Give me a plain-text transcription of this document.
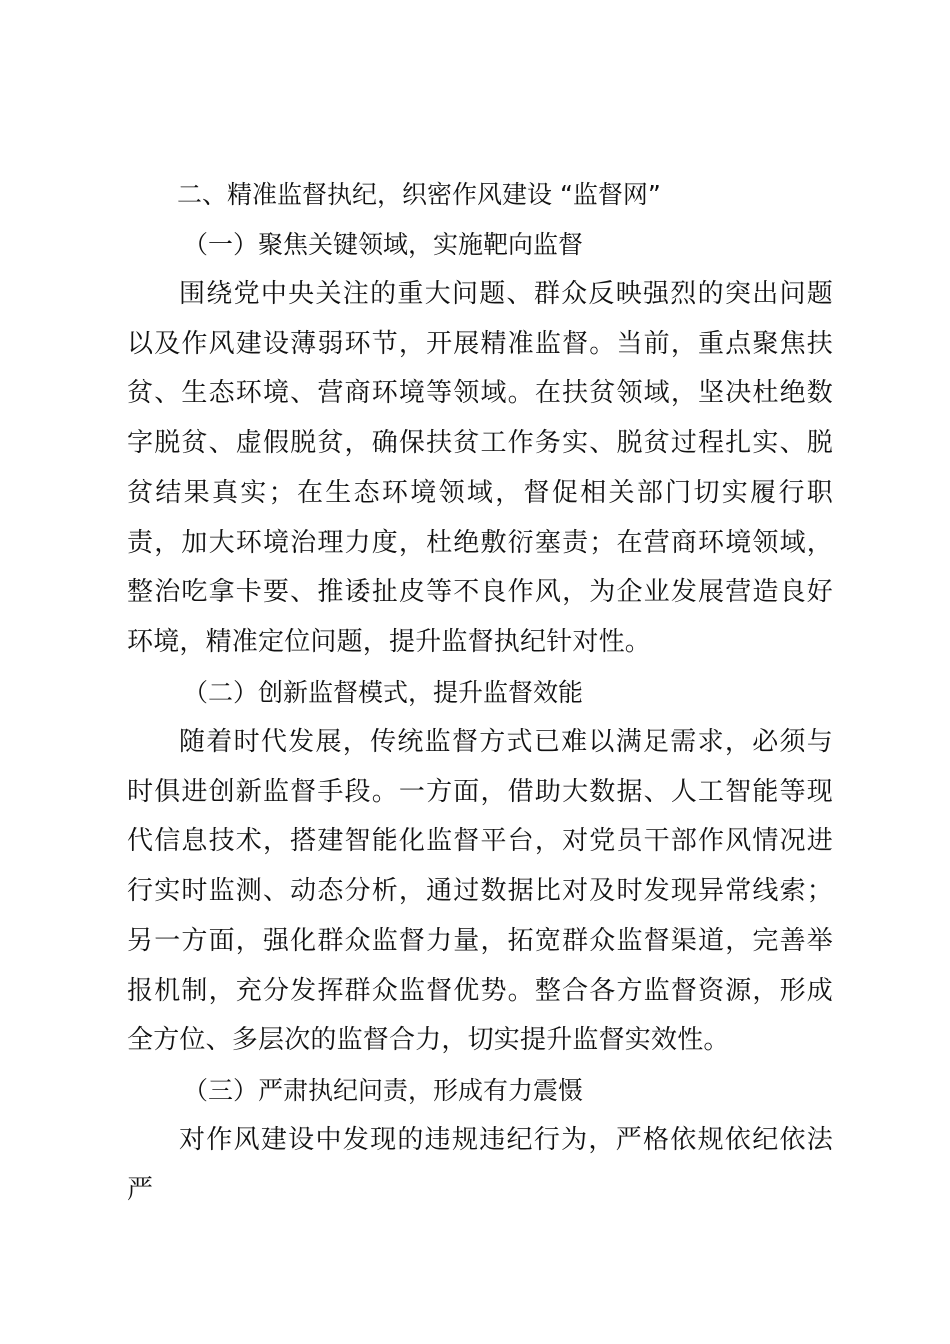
二、精准监督执纪，织密作风建设 “监督网”

（一）聚焦关键领域，实施靶向监督

围绕党中央关注的重大问题、群众反映强烈的突出问题以及作风建设薄弱环节，开展精准监督。当前，重点聚焦扶贫、生态环境、营商环境等领域。在扶贫领域，坚决杜绝数字脱贫、虚假脱贫，确保扶贫工作务实、脱贫过程扎实、脱贫结果真实；在生态环境领域，督促相关部门切实履行职责，加大环境治理力度，杜绝敷衍塞责；在营商环境领域，整治吃拿卡要、推诿扯皮等不良作风，为企业发展营造良好环境，精准定位问题，提升监督执纪针对性。

（二）创新监督模式，提升监督效能

随着时代发展，传统监督方式已难以满足需求，必须与时俱进创新监督手段。一方面，借助大数据、人工智能等现代信息技术，搭建智能化监督平台，对党员干部作风情况进行实时监测、动态分析，通过数据比对及时发现异常线索；另一方面，强化群众监督力量，拓宽群众监督渠道，完善举报机制，充分发挥群众监督优势。整合各方监督资源，形成全方位、多层次的监督合力，切实提升监督实效性。

（三）严肃执纪问责，形成有力震慑

对作风建设中发现的违规违纪行为，严格依规依纪依法严
